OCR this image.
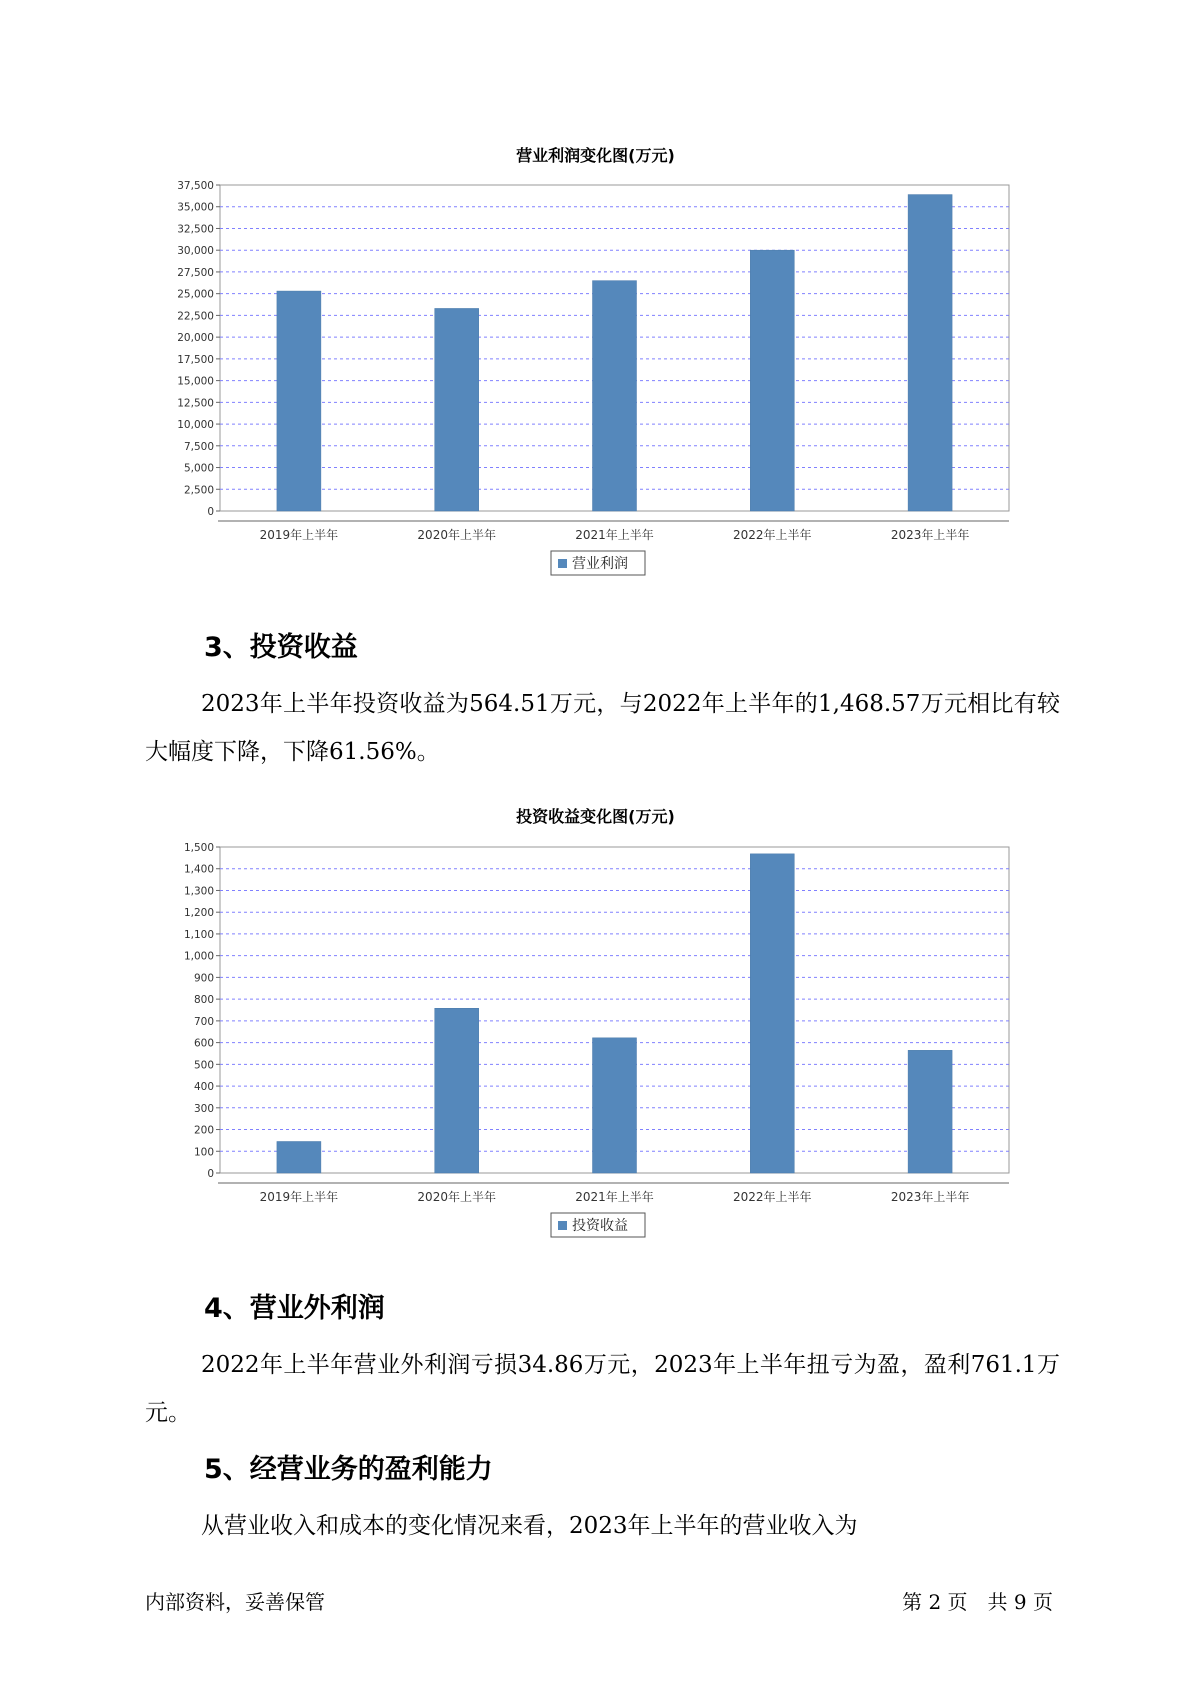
营业利润变化图(万元)
0
2,500
5,000
7,500
10,000
12,500
15,000
17,500
20,000
22,500
25,000
27,500
30,000
32,500
35,000
37,500
2019年上半年	2020年上半年	2021年上半年	2022年上半年	2023年上半年
营业利润
3、投资收益
2023年上半年投资收益为564.51万元，与2022年上半年的1,468.57万元相比有较大幅度下降，下降61.56%。
投资收益变化图(万元)
0
100
200
300
400
500
600
700
800
900
1,000
1,100
1,200
1,300
1,400
1,500
2019年上半年	2020年上半年	2021年上半年	2022年上半年	2023年上半年
投资收益
4、营业外利润
2022年上半年营业外利润亏损34.86万元，2023年上半年扭亏为盈，盈利761.1万元。
5、经营业务的盈利能力
从营业收入和成本的变化情况来看，2023年上半年的营业收入为
内部资料，妥善保管	第 2 页　共 9 页
